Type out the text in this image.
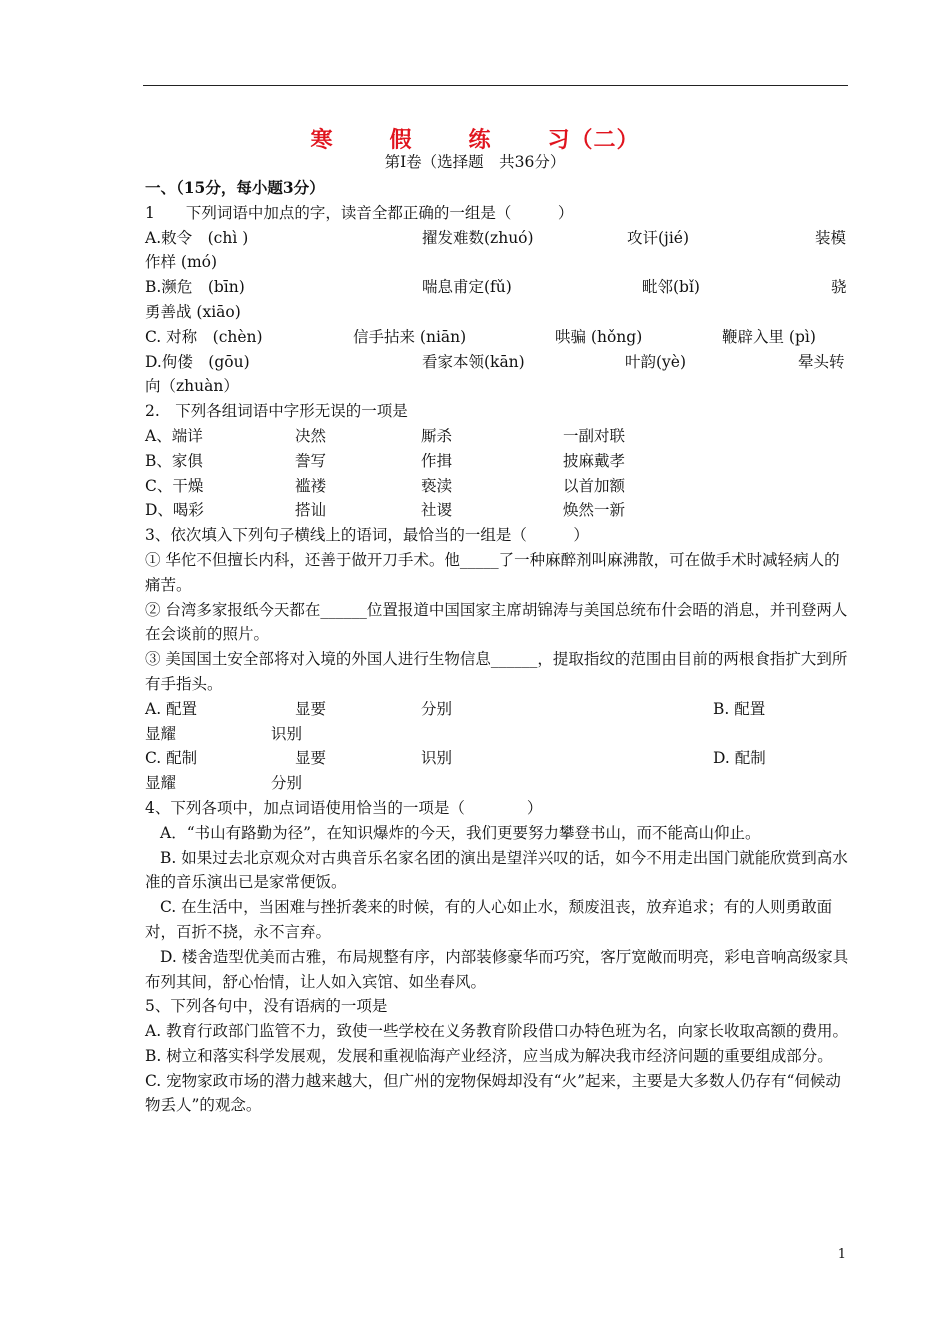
寒	假	练	习（二）
第Ⅰ卷（选择题　共36分）
一、（15分，每小题3分）
1　　下列词语中加点的字，读音全都正确的一组是（　　　）
A.敕令　(chì )	擢发难数(zhuó)	攻讦(jié)	装模
作样 (mó)
B.濒危　(bīn)	喘息甫定(fǔ)	毗邻(bǐ)	骁
勇善战 (xiāo)
C. 对称　(chèn)	信手拈来 (niān)	哄骗 (hǒng)	鞭辟入里 (pì)
D.佝偻　(gōu)	看家本领(kān)	叶韵(yè)	晕头转
向（zhuàn）
2.　下列各组词语中字形无误的一项是
A、端详	决然	厮杀	一副对联
B、家俱	誊写	作揖	披麻戴孝
C、干燥	褴褛	亵渎	以首加额
D、喝彩	搭讪	社谡	焕然一新
3、依次填入下列句子横线上的语词，最恰当的一组是（　　　）
① 华佗不但擅长内科，还善于做开刀手术。他_____了一种麻醉剂叫麻沸散，可在做手术时减轻病人的痛苦。
② 台湾多家报纸今天都在______位置报道中国国家主席胡锦涛与美国总统布什会晤的消息，并刊登两人在会谈前的照片。
③ 美国国土安全部将对入境的外国人进行生物信息______，提取指纹的范围由目前的两根食指扩大到所有手指头。
A. 配置	显要	分别	B. 配置
显耀	识别
C. 配制	显要	识别	D. 配制
显耀	分别
4、下列各项中，加点词语使用恰当的一项是（　　　　）
A．“书山有路勤为径”，在知识爆炸的今天，我们更要努力攀登书山，而不能高山仰止。
B. 如果过去北京观众对古典音乐名家名团的演出是望洋兴叹的话，如今不用走出国门就能欣赏到高水准的音乐演出已是家常便饭。
C. 在生活中，当困难与挫折袭来的时候，有的人心如止水，颓废沮丧，放弃追求；有的人则勇敢面对，百折不挠，永不言弃。
D. 楼舍造型优美而古雅，布局规整有序，内部装修豪华而巧究，客厅宽敞而明亮，彩电音响高级家具布列其间，舒心怡情，让人如入宾馆、如坐春风。
5、下列各句中，没有语病的一项是
A. 教育行政部门监管不力，致使一些学校在义务教育阶段借口办特色班为名，向家长收取高额的费用。
B. 树立和落实科学发展观，发展和重视临海产业经济，应当成为解决我市经济问题的重要组成部分。
C. 宠物家政市场的潜力越来越大，但广州的宠物保姆却没有“火”起来，主要是大多数人仍存有“伺候动物丢人”的观念。
1
